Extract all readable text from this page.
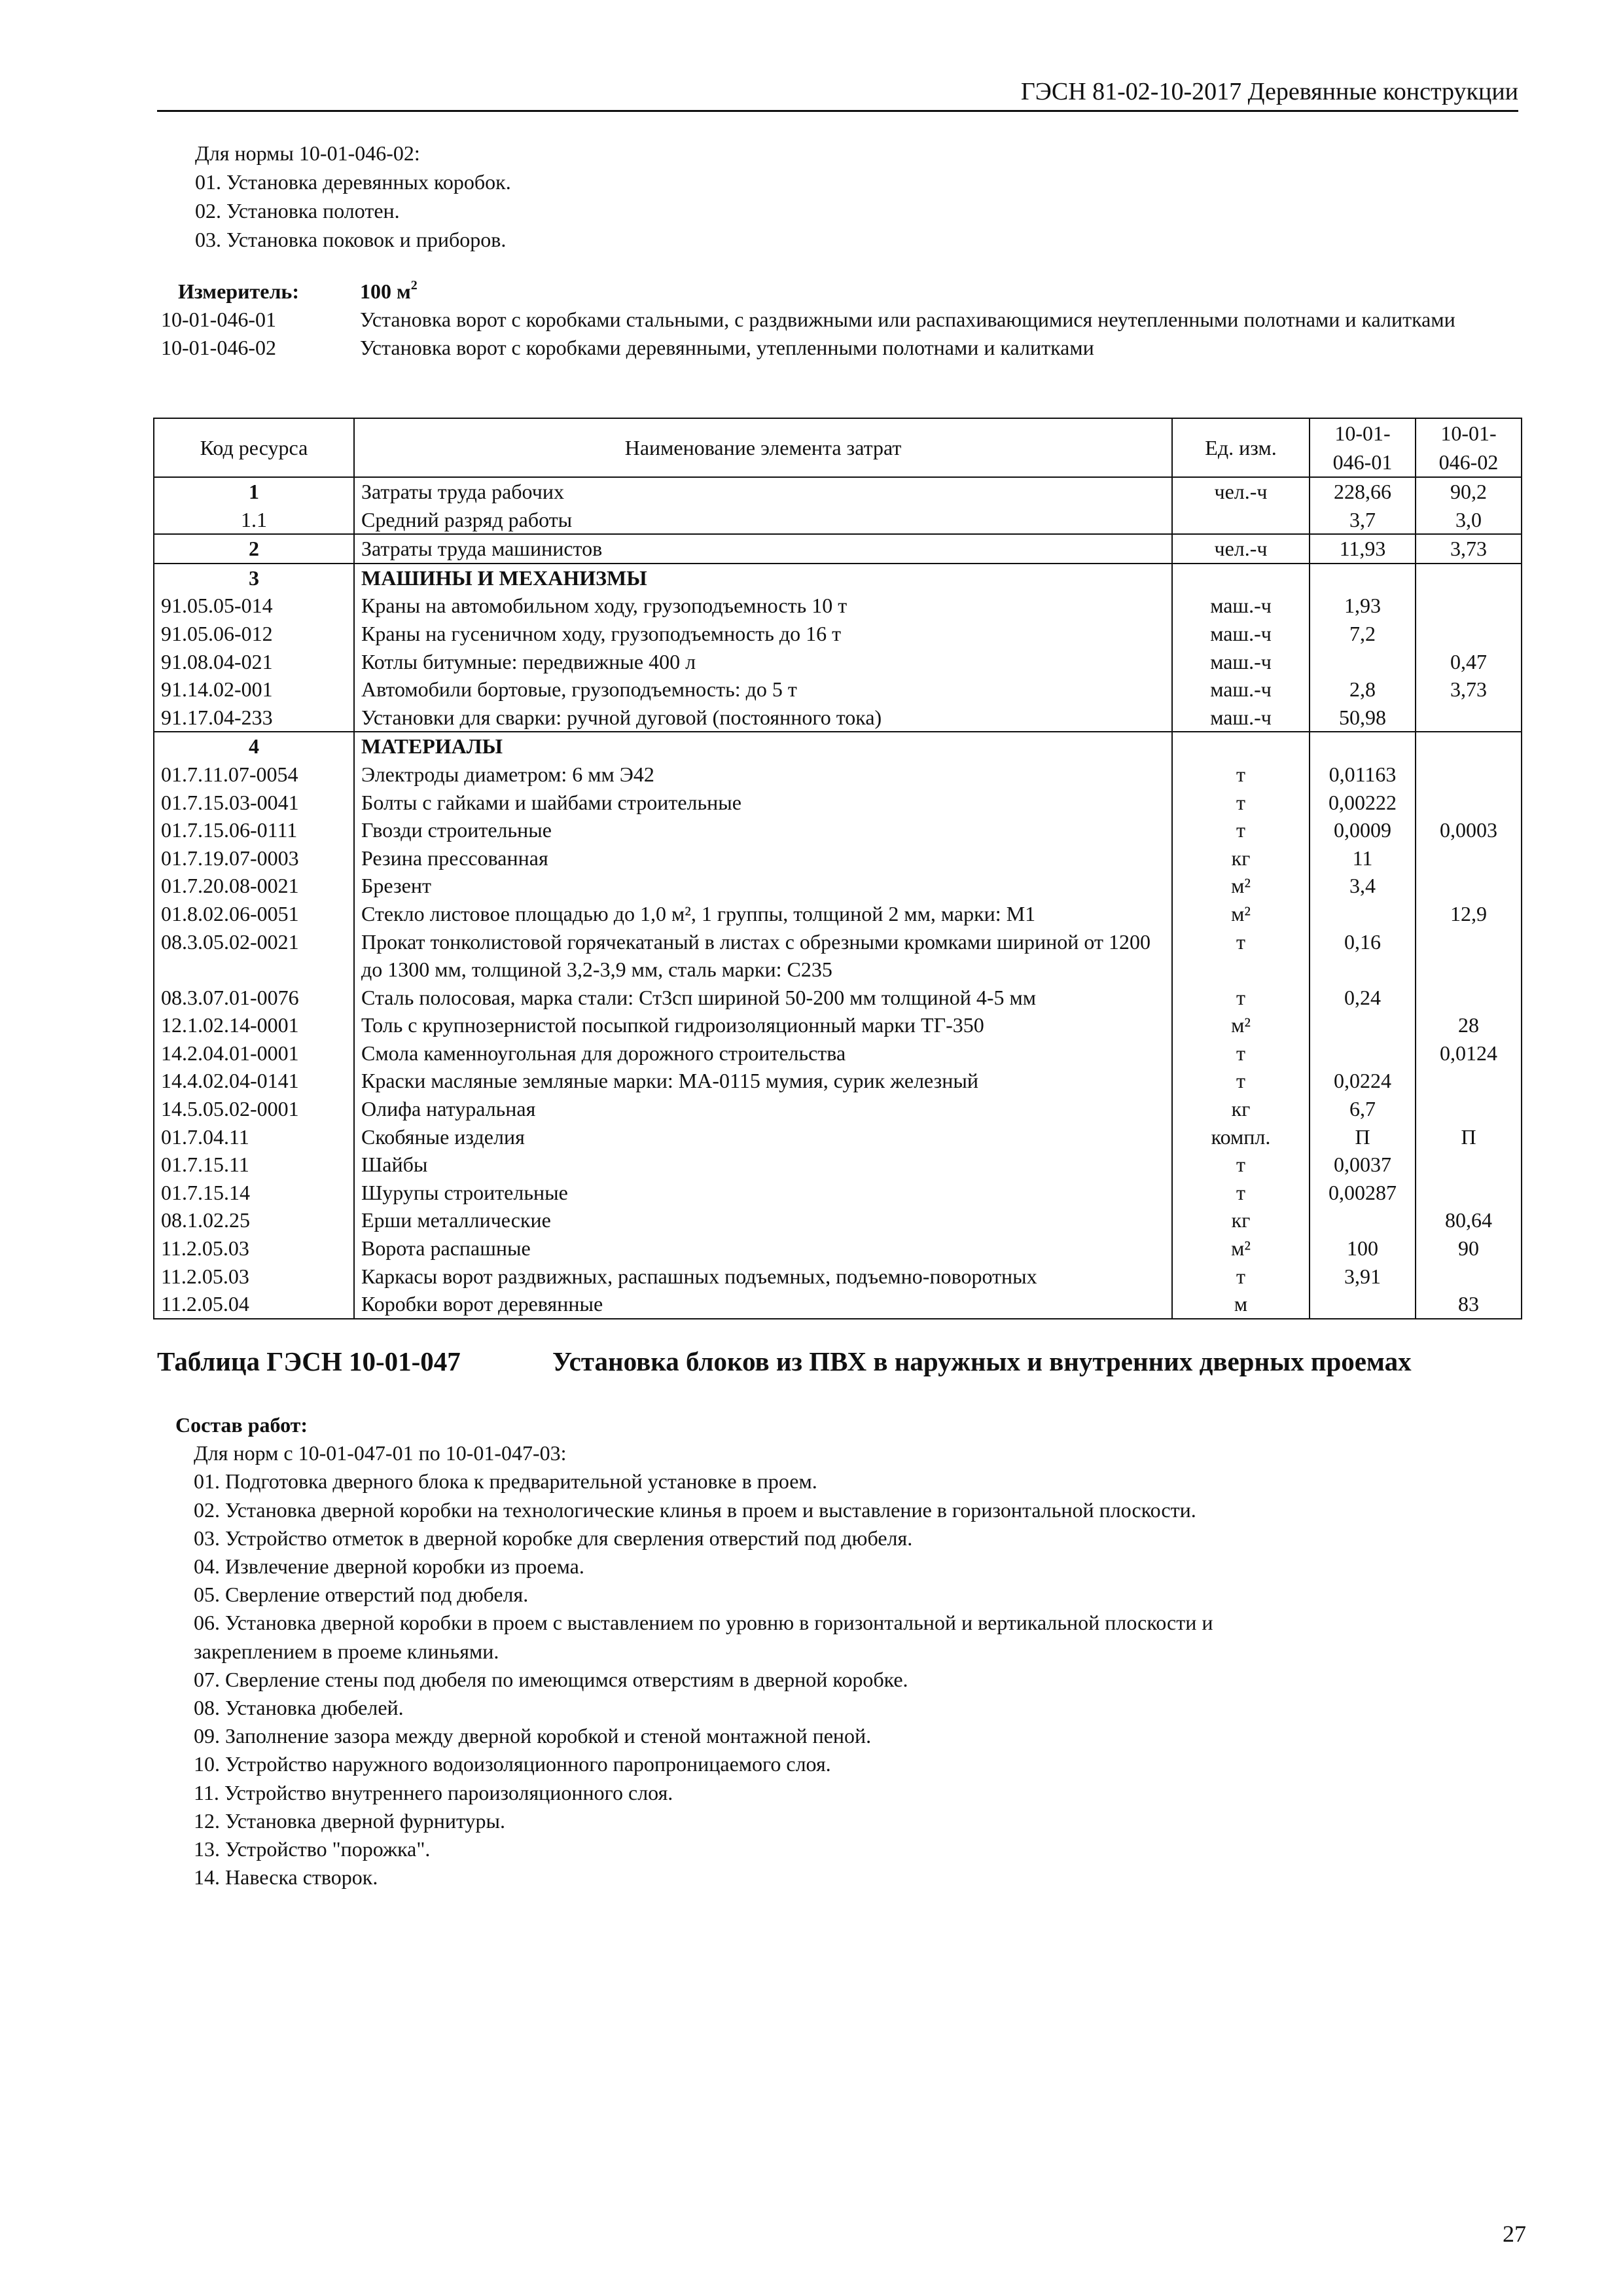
ГЭСН 81-02-10-2017 Деревянные конструкции
Для нормы 10-01-046-02:
01. Установка деревянных коробок.
02. Установка полотен.
03. Установка поковок и приборов.
Измеритель:	100 $м^2$
10-01-046-01	Установка ворот с коробками стальными, с раздвижными или распахивающимися неутепленными полотнами и калитками
10-01-046-02	Установка ворот с коробками деревянными, утепленными полотнами и калитками
Код ресурса	Наименование элемента затрат	Ед. изм.	10-01-046-01	10-01-046-02
1	Затраты труда рабочих	чел.-ч	228,66	90,2
1.1	Средний разряд работы		3,7	3,0
2	Затраты труда машинистов	чел.-ч	11,93	3,73
3	МАШИНЫ И МЕХАНИЗМЫ			
91.05.05-014	Краны на автомобильном ходу, грузоподъемность 10 т	маш.-ч	1,93	
91.05.06-012	Краны на гусеничном ходу, грузоподъемность до 16 т	маш.-ч	7,2	
91.08.04-021	Котлы битумные: передвижные 400 л	маш.-ч		0,47
91.14.02-001	Автомобили бортовые, грузоподъемность: до 5 т	маш.-ч	2,8	3,73
91.17.04-233	Установки для сварки: ручной дуговой (постоянного тока)	маш.-ч	50,98	
4	МАТЕРИАЛЫ			
01.7.11.07-0054	Электроды диаметром: 6 мм Э42	т	0,01163	
01.7.15.03-0041	Болты с гайками и шайбами строительные	т	0,00222	
01.7.15.06-0111	Гвозди строительные	т	0,0009	0,0003
01.7.19.07-0003	Резина прессованная	кг	11	
01.7.20.08-0021	Брезент	м²	3,4	
01.8.02.06-0051	Стекло листовое площадью до 1,0 м², 1 группы, толщиной 2 мм, марки: М1	м²		12,9
08.3.05.02-0021	Прокат тонколистовой горячекатаный в листах с обрезными кромками шириной от 1200 до 1300 мм, толщиной 3,2-3,9 мм, сталь марки: С235	т	0,16	
08.3.07.01-0076	Сталь полосовая, марка стали: Ст3сп шириной 50-200 мм толщиной 4-5 мм	т	0,24	
12.1.02.14-0001	Толь с крупнозернистой посыпкой гидроизоляционный марки ТГ-350	м²		28
14.2.04.01-0001	Смола каменноугольная для дорожного строительства	т		0,0124
14.4.02.04-0141	Краски масляные земляные марки: МА-0115 мумия, сурик железный	т	0,0224	
14.5.05.02-0001	Олифа натуральная	кг	6,7	
01.7.04.11	Скобяные изделия	компл.	П	П
01.7.15.11	Шайбы	т	0,0037	
01.7.15.14	Шурупы строительные	т	0,00287	
08.1.02.25	Ерши металлические	кг		80,64
11.2.05.03	Ворота распашные	м²	100	90
11.2.05.03	Каркасы ворот раздвижных, распашных подъемных, подъемно-поворотных	т	3,91	
11.2.05.04	Коробки ворот деревянные	м		83
Таблица ГЭСН 10-01-047	Установка блоков из ПВХ в наружных и внутренних дверных проемах
Состав работ:
Для норм с 10-01-047-01 по 10-01-047-03:
01. Подготовка дверного блока к предварительной установке в проем.
02. Установка дверной коробки на технологические клинья в проем и выставление в горизонтальной плоскости.
03. Устройство отметок в дверной коробке для сверления отверстий под дюбеля.
04. Извлечение дверной коробки из проема.
05. Сверление отверстий под дюбеля.
06. Установка дверной коробки в проем с выставлением по уровню в горизонтальной и вертикальной плоскости и
закреплением в проеме клиньями.
07. Сверление стены под дюбеля по имеющимся отверстиям в дверной коробке.
08. Установка дюбелей.
09. Заполнение зазора между дверной коробкой и стеной монтажной пеной.
10. Устройство наружного водоизоляционного паропроницаемого слоя.
11. Устройство внутреннего пароизоляционного слоя.
12. Установка дверной фурнитуры.
13. Устройство "порожка".
14. Навеска створок.
27
